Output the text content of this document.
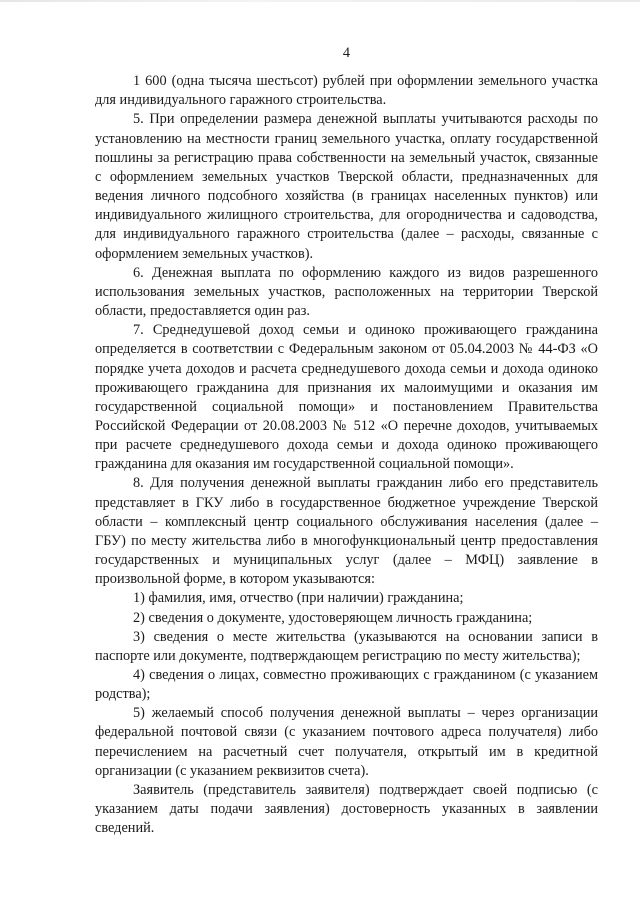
4

1 600 (одна тысяча шестьсот) рублей при оформлении земельного участка для индивидуального гаражного строительства.

5. При определении размера денежной выплаты учитываются расходы по установлению на местности границ земельного участка, оплату государственной пошлины за регистрацию права собственности на земельный участок, связанные с оформлением земельных участков Тверской области, предназначенных для ведения личного подсобного хозяйства (в границах населенных пунктов) или индивидуального жилищного строительства, для огородничества и садоводства, для индивидуального гаражного строительства (далее – расходы, связанные с оформлением земельных участков).

6. Денежная выплата по оформлению каждого из видов разрешенного использования земельных участков, расположенных на территории Тверской области, предоставляется один раз.

7. Среднедушевой доход семьи и одиноко проживающего гражданина определяется в соответствии с Федеральным законом от 05.04.2003 № 44-ФЗ «О порядке учета доходов и расчета среднедушевого дохода семьи и дохода одиноко проживающего гражданина для признания их малоимущими и оказания им государственной социальной помощи» и постановлением Правительства Российской Федерации от 20.08.2003 № 512 «О перечне доходов, учитываемых при расчете среднедушевого дохода семьи и дохода одиноко проживающего гражданина для оказания им государственной социальной помощи».

8. Для получения денежной выплаты гражданин либо его представитель представляет в ГКУ либо в государственное бюджетное учреждение Тверской области – комплексный центр социального обслуживания населения (далее – ГБУ) по месту жительства либо в многофункциональный центр предоставления государственных и муниципальных услуг (далее – МФЦ) заявление в произвольной форме, в котором указываются:

1) фамилия, имя, отчество (при наличии) гражданина;

2) сведения о документе, удостоверяющем личность гражданина;

3) сведения о месте жительства (указываются на основании записи в паспорте или документе, подтверждающем регистрацию по месту жительства);

4) сведения о лицах, совместно проживающих с гражданином (с указанием родства);

5) желаемый способ получения денежной выплаты – через организации федеральной почтовой связи (с указанием почтового адреса получателя) либо перечислением на расчетный счет получателя, открытый им в кредитной организации (с указанием реквизитов счета).

Заявитель (представитель заявителя) подтверждает своей подписью (с указанием даты подачи заявления) достоверность указанных в заявлении сведений.
